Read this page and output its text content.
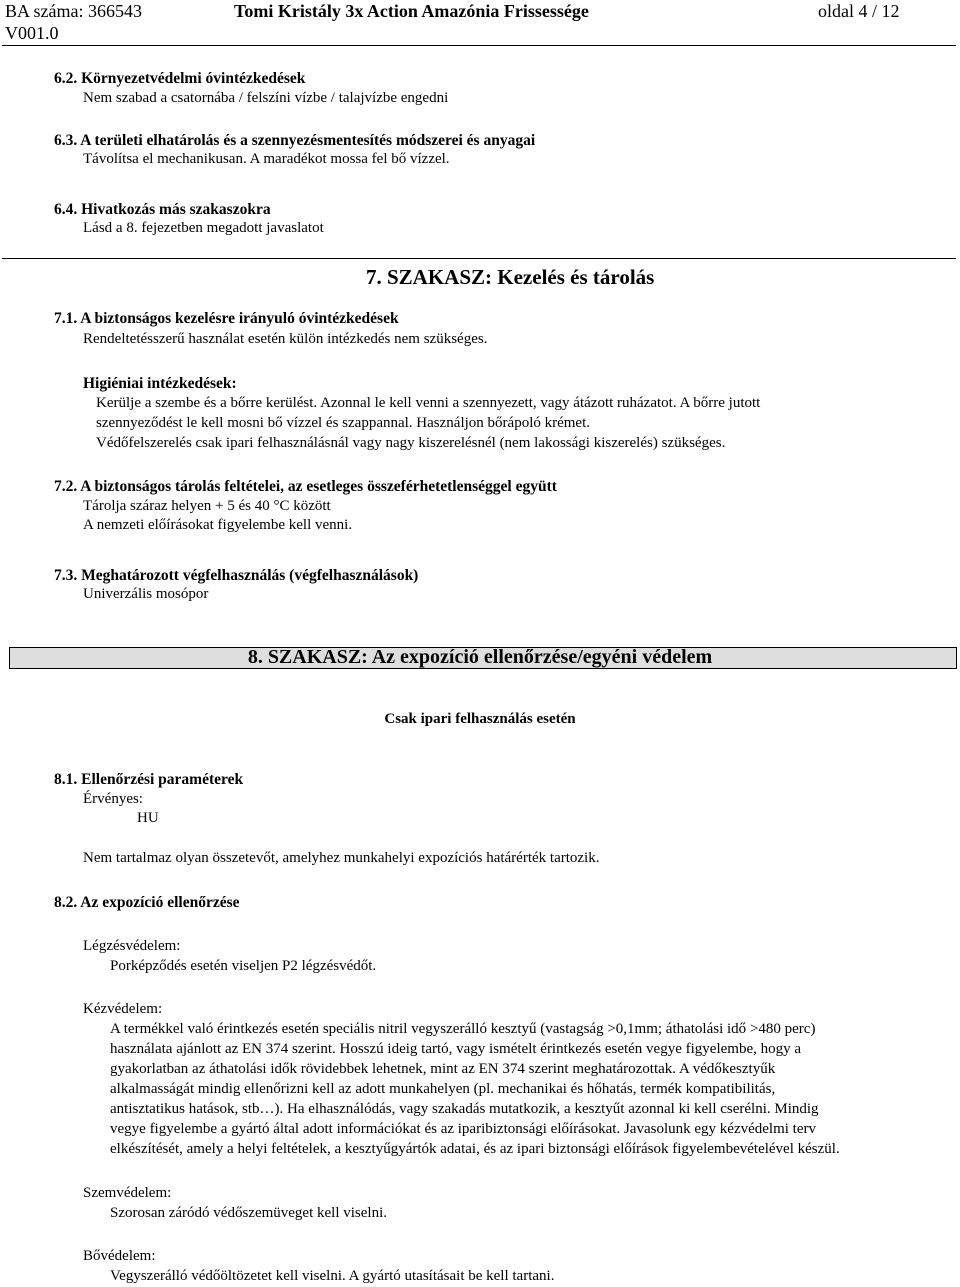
BA száma: 366543
V001.0
Tomi Kristály 3x Action Amazónia Frissessége	oldal 4 / 12
6.2. Környezetvédelmi óvintézkedések
Nem szabad a csatornába / felszíni vízbe / talajvízbe engedni
6.3. A területi elhatárolás és a szennyezésmentesítés módszerei és anyagai
Távolítsa el mechanikusan. A maradékot mossa fel bő vízzel.
6.4. Hivatkozás más szakaszokra
Lásd a 8. fejezetben megadott javaslatot
7. SZAKASZ: Kezelés és tárolás
7.1. A biztonságos kezelésre irányuló óvintézkedések
Rendeltetésszerű használat esetén külön intézkedés nem szükséges.
Higiéniai intézkedések:
Kerülje a szembe és a bőrre kerülést. Azonnal le kell venni a szennyezett, vagy átázott ruházatot. A bőrre jutott
szennyeződést le kell mosni bő vízzel és szappannal. Használjon bőrápoló krémet.
Védőfelszerelés csak ipari felhasználásnál vagy nagy kiszerelésnél (nem lakossági kiszerelés) szükséges.
7.2. A biztonságos tárolás feltételei, az esetleges összeférhetetlenséggel együtt
Tárolja száraz helyen + 5 és 40 °C között
A nemzeti előírásokat figyelembe kell venni.
7.3. Meghatározott végfelhasználás (végfelhasználások)
Univerzális mosópor
8. SZAKASZ: Az expozíció ellenőrzése/egyéni védelem
Csak ipari felhasználás esetén
8.1. Ellenőrzési paraméterek
Érvényes:
HU
Nem tartalmaz olyan összetevőt, amelyhez munkahelyi expozíciós határérték tartozik.
8.2. Az expozíció ellenőrzése
Légzésvédelem:
Porképződés esetén viseljen P2 légzésvédőt.
Kézvédelem:
A termékkel való érintkezés esetén speciális nitril vegyszerálló kesztyű (vastagság >0,1mm; áthatolási idő >480 perc)
használata ajánlott az EN 374 szerint. Hosszú ideig tartó, vagy ismételt érintkezés esetén vegye figyelembe, hogy a
gyakorlatban az áthatolási idők rövidebbek lehetnek, mint az EN 374 szerint meghatározottak. A védőkesztyűk
alkalmasságát mindig ellenőrizni kell az adott munkahelyen (pl. mechanikai és hőhatás, termék kompatibilitás,
antisztatikus hatások, stb…). Ha elhasználódás, vagy szakadás mutatkozik, a kesztyűt azonnal ki kell cserélni. Mindig
vegye figyelembe a gyártó által adott információkat és az iparibiztonsági előírásokat. Javasolunk egy kézvédelmi terv
elkészítését, amely a helyi feltételek, a kesztyűgyártók adatai, és az ipari biztonsági előírások figyelembevételével készül.
Szemvédelem:
Szorosan záródó védőszemüveget kell viselni.
Bővédelem:
Vegyszerálló védőöltözetet kell viselni. A gyártó utasításait be kell tartani.
